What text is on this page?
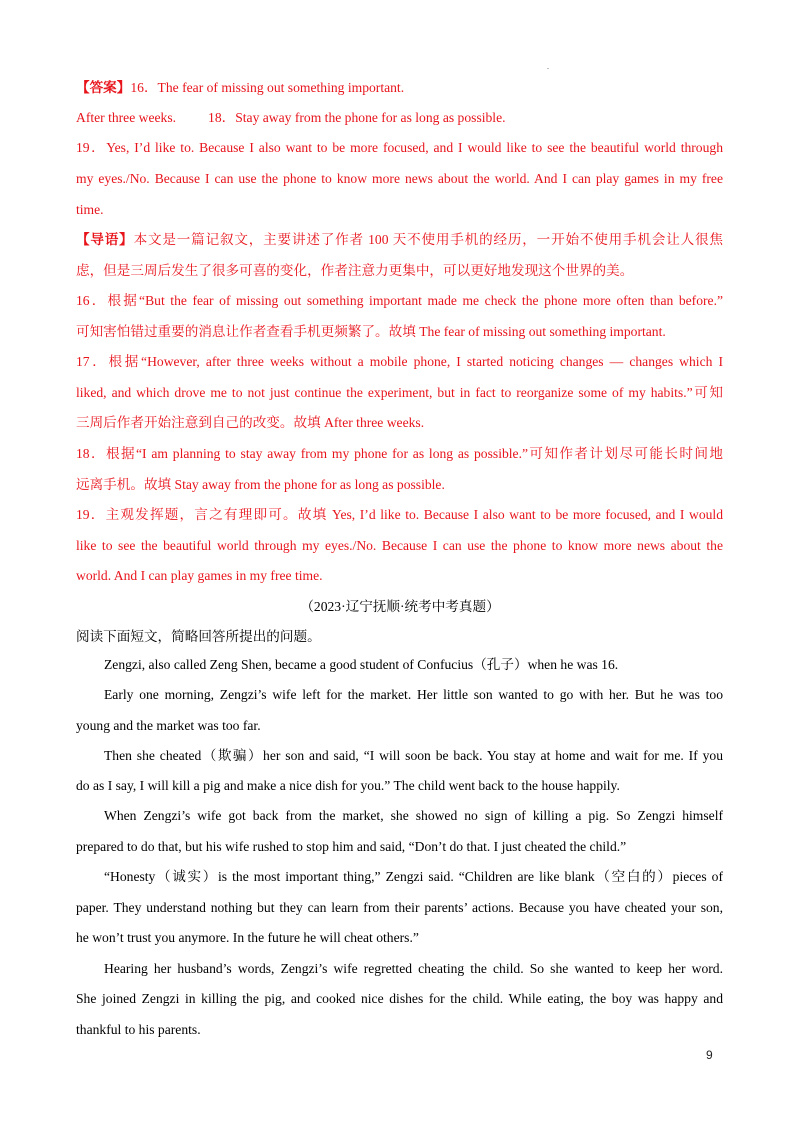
.
【答案】16．The fear of missing out something important.
After three weeks. 18．Stay away from the phone for as long as possible.
19．Yes, I’d like to. Because I also want to be more focused, and I would like to see the beautiful world through
my eyes./No. Because I can use the phone to know more news about the world. And I can play games in my free
time.
【导语】本文是一篇记叙文，主要讲述了作者 100 天不使用手机的经历，一开始不使用手机会让人很焦
虑，但是三周后发生了很多可喜的变化，作者注意力更集中，可以更好地发现这个世界的美。
16．根据“But the fear of missing out something important made me check the phone more often than before.”
可知害怕错过重要的消息让作者查看手机更频繁了。故填 The fear of missing out something important.
17．根据“However, after three weeks without a mobile phone, I started noticing changes — changes which I
liked, and which drove me to not just continue the experiment, but in fact to reorganize some of my habits.”可知
三周后作者开始注意到自己的改变。故填 After three weeks.
18．根据“I am planning to stay away from my phone for as long as possible.”可知作者计划尽可能长时间地
远离手机。故填 Stay away from the phone for as long as possible.
19．主观发挥题，言之有理即可。故填 Yes, I’d like to. Because I also want to be more focused, and I would
like to see the beautiful world through my eyes./No. Because I can use the phone to know more news about the
world. And I can play games in my free time.
（2023·辽宁抚顺·统考中考真题）
阅读下面短文，简略回答所提出的问题。
Zengzi, also called Zeng Shen, became a good student of Confucius（孔子）when he was 16.
Early one morning, Zengzi’s wife left for the market. Her little son wanted to go with her. But he was too
young and the market was too far.
Then she cheated（欺骗）her son and said, “I will soon be back. You stay at home and wait for me. If you
do as I say, I will kill a pig and make a nice dish for you.” The child went back to the house happily.
When Zengzi’s wife got back from the market, she showed no sign of killing a pig. So Zengzi himself
prepared to do that, but his wife rushed to stop him and said, “Don’t do that. I just cheated the child.”
“Honesty（诚实）is the most important thing,” Zengzi said. “Children are like blank（空白的）pieces of
paper. They understand nothing but they can learn from their parents’ actions. Because you have cheated your son,
he won’t trust you anymore. In the future he will cheat others.”
Hearing her husband’s words, Zengzi’s wife regretted cheating the child. So she wanted to keep her word.
She joined Zengzi in killing the pig, and cooked nice dishes for the child. While eating, the boy was happy and
thankful to his parents.
9
